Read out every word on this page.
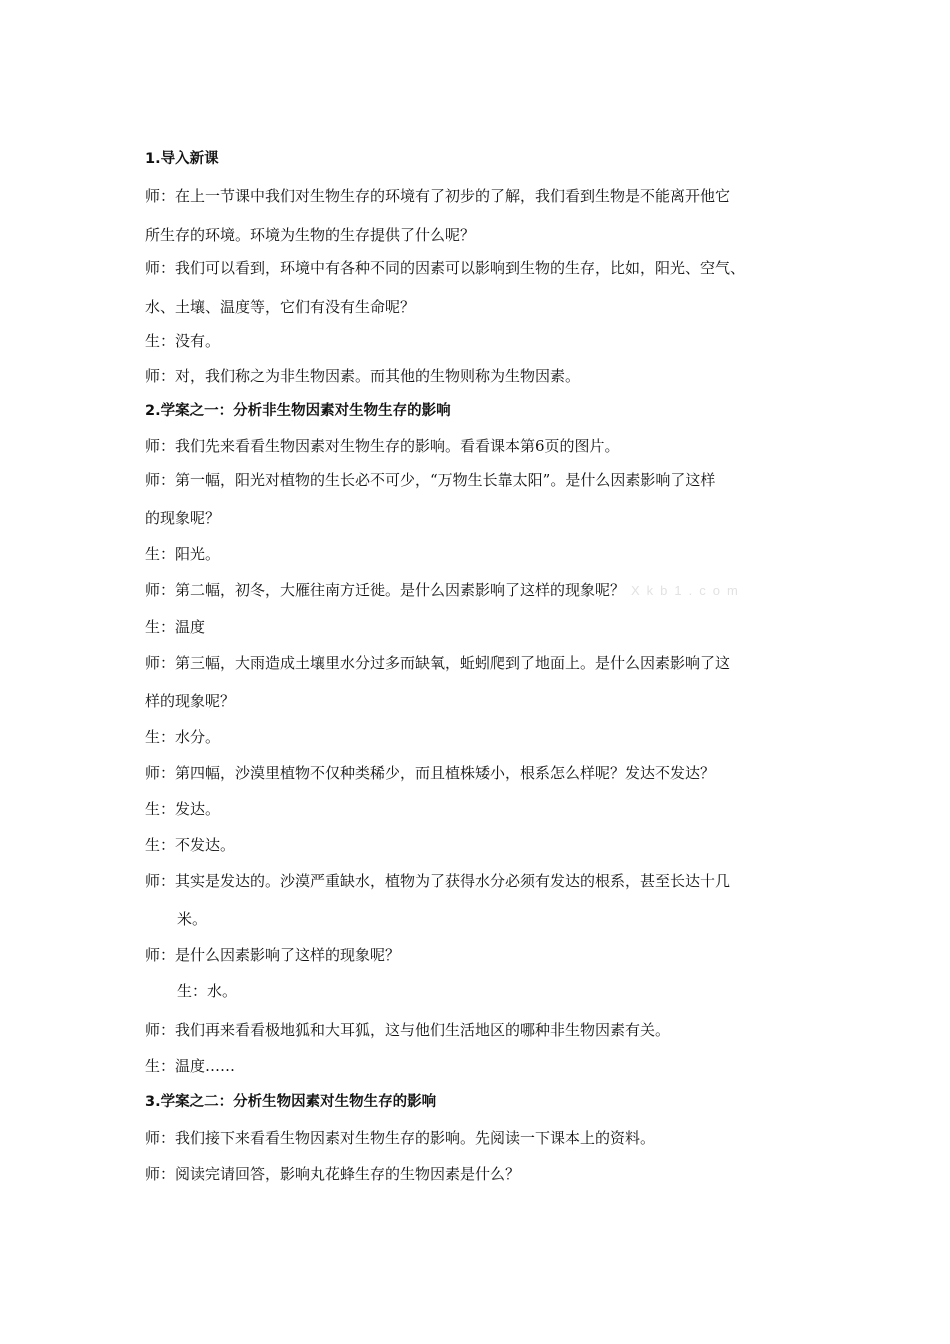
1.导入新课
师：在上一节课中我们对生物生存的环境有了初步的了解，我们看到生物是不能离开他它
所生存的环境。环境为生物的生存提供了什么呢？
师：我们可以看到，环境中有各种不同的因素可以影响到生物的生存，比如，阳光、空气、
水、土壤、温度等，它们有没有生命呢？
生：没有。
师：对，我们称之为非生物因素。而其他的生物则称为生物因素。
2.学案之一：分析非生物因素对生物生存的影响
师：我们先来看看生物因素对生物生存的影响。看看课本第6页的图片。
师：第一幅，阳光对植物的生长必不可少，“万物生长靠太阳”。是什么因素影响了这样
的现象呢？
生：阳光。
师：第二幅，初冬，大雁往南方迁徙。是什么因素影响了这样的现象呢？ Xkb1.com
生：温度
师：第三幅，大雨造成土壤里水分过多而缺氧，蚯蚓爬到了地面上。是什么因素影响了这
样的现象呢？
生：水分。
师：第四幅，沙漠里植物不仅种类稀少，而且植株矮小，根系怎么样呢？发达不发达？
生：发达。
生：不发达。
师：其实是发达的。沙漠严重缺水，植物为了获得水分必须有发达的根系，甚至长达十几
米。
师：是什么因素影响了这样的现象呢？
生：水。
师：我们再来看看极地狐和大耳狐，这与他们生活地区的哪种非生物因素有关。
生：温度……
3.学案之二：分析生物因素对生物生存的影响
师：我们接下来看看生物因素对生物生存的影响。先阅读一下课本上的资料。
师：阅读完请回答，影响丸花蜂生存的生物因素是什么？
